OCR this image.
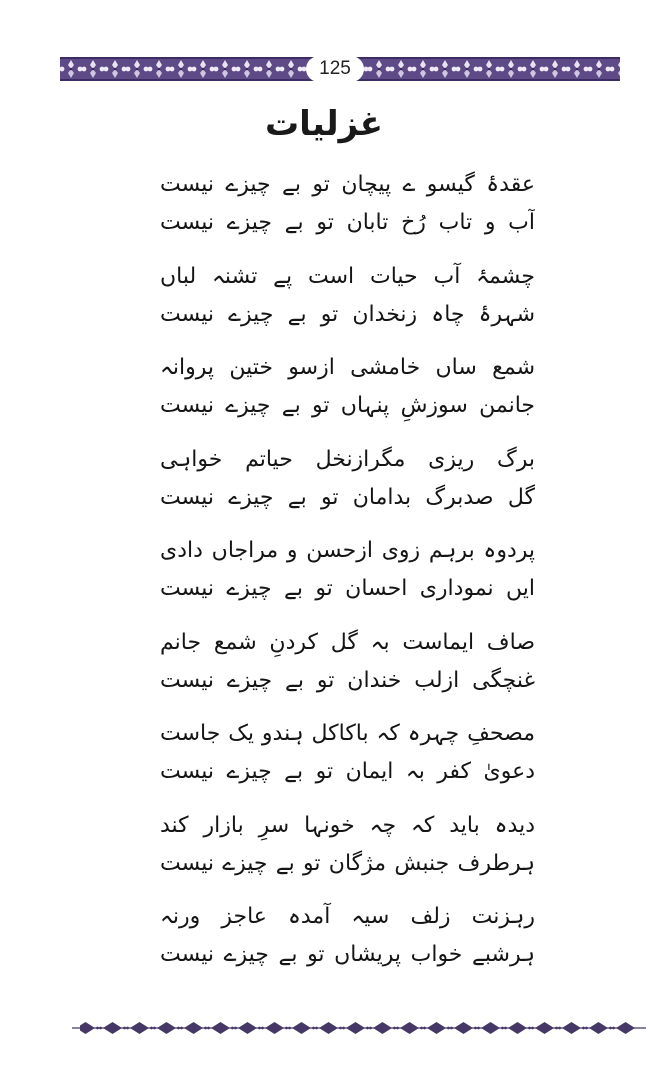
125
غزلیات
عقدۂ گیسو ے پیچان تو بے چیزے نیست
آب و تاب رُخ تابان تو بے چیزے نیست
چشمۂ آب حیات است پے تشنہ لباں
شہرۂ چاہ زنخدان تو بے چیزے نیست
شمع ساں خامشی ازسو ختین پروانہ
جانمن سوزشِ پنہاں تو بے چیزے نیست
برگ ریزی مگرازنخل حیاتم خواہی
گل صدبرگ بدامان تو بے چیزے نیست
پردوہ برہم زوی ازحسن و مراجاں دادی
ایں نموداری احسان تو بے چیزے نیست
صاف ایماست بہ گل کردنِ شمع جانم
غنچگی ازلب خندان تو بے چیزے نیست
مصحفِ چہرہ کہ باکاکل ہندو یک جاست
دعویٰ کفر بہ ایمان تو بے چیزے نیست
دیدہ باید کہ چہ خونہا سرِ بازار کند
ہرطرف جنبش مژگان تو بے چیزے نیست
رہزنت زلف سیہ آمدہ عاجز ورنہ
ہرشبے خواب پریشاں تو بے چیزے نیست
